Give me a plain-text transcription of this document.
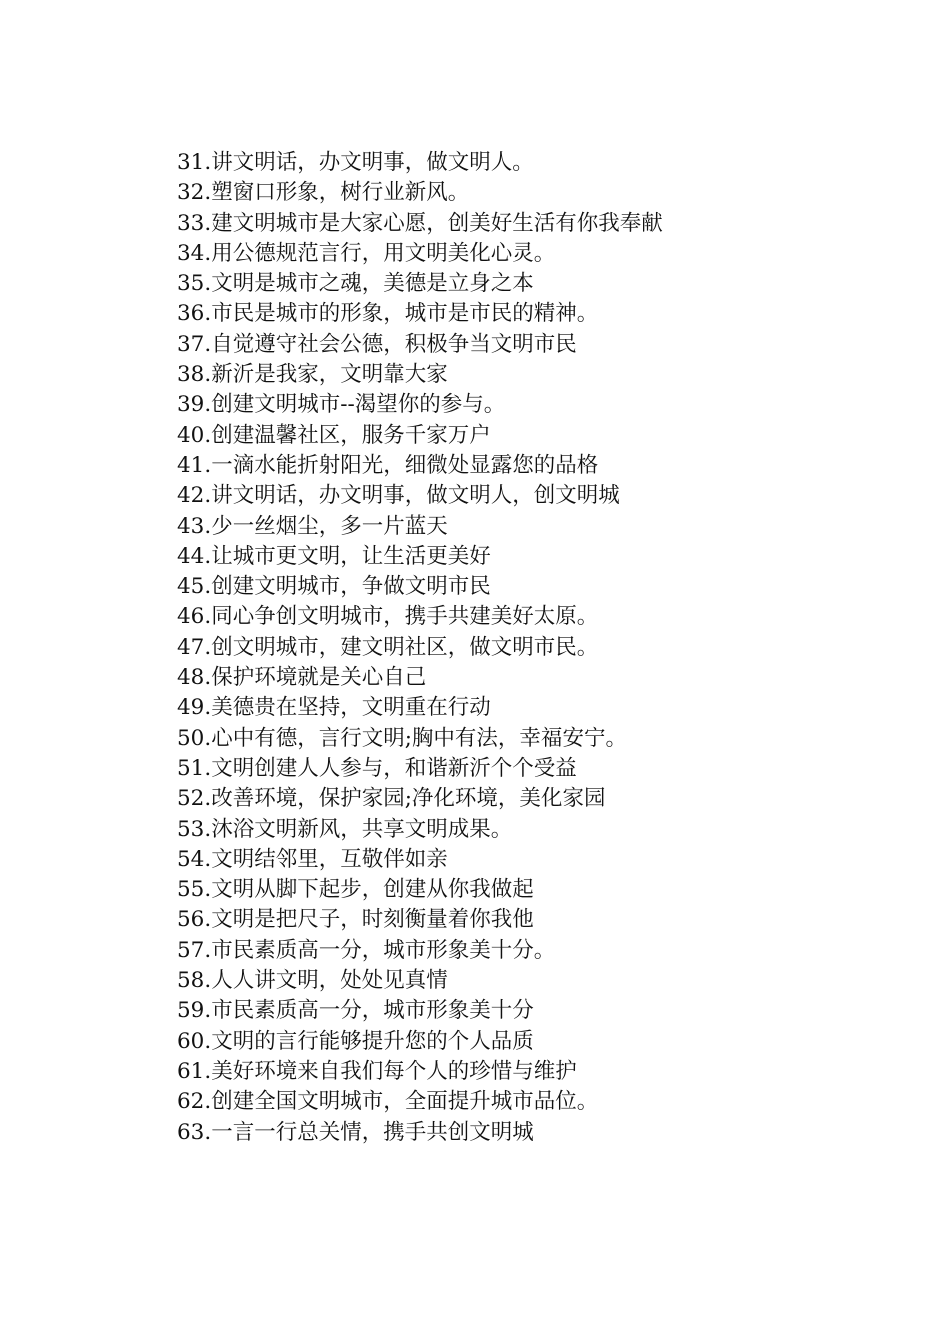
31.讲文明话，办文明事，做文明人。
32.塑窗口形象，树行业新风。
33.建文明城市是大家心愿，创美好生活有你我奉献
34.用公德规范言行，用文明美化心灵。
35.文明是城市之魂，美德是立身之本
36.市民是城市的形象，城市是市民的精神。
37.自觉遵守社会公德，积极争当文明市民
38.新沂是我家，文明靠大家
39.创建文明城市--渴望你的参与。
40.创建温馨社区，服务千家万户
41.一滴水能折射阳光，细微处显露您的品格
42.讲文明话，办文明事，做文明人，创文明城
43.少一丝烟尘，多一片蓝天
44.让城市更文明，让生活更美好
45.创建文明城市，争做文明市民
46.同心争创文明城市，携手共建美好太原。
47.创文明城市，建文明社区，做文明市民。
48.保护环境就是关心自己
49.美德贵在坚持，文明重在行动
50.心中有德，言行文明;胸中有法，幸福安宁。
51.文明创建人人参与，和谐新沂个个受益
52.改善环境，保护家园;净化环境，美化家园
53.沐浴文明新风，共享文明成果。
54.文明结邻里，互敬伴如亲
55.文明从脚下起步，创建从你我做起
56.文明是把尺子，时刻衡量着你我他
57.市民素质高一分，城市形象美十分。
58.人人讲文明，处处见真情
59.市民素质高一分，城市形象美十分
60.文明的言行能够提升您的个人品质
61.美好环境来自我们每个人的珍惜与维护
62.创建全国文明城市，全面提升城市品位。
63.一言一行总关情，携手共创文明城
